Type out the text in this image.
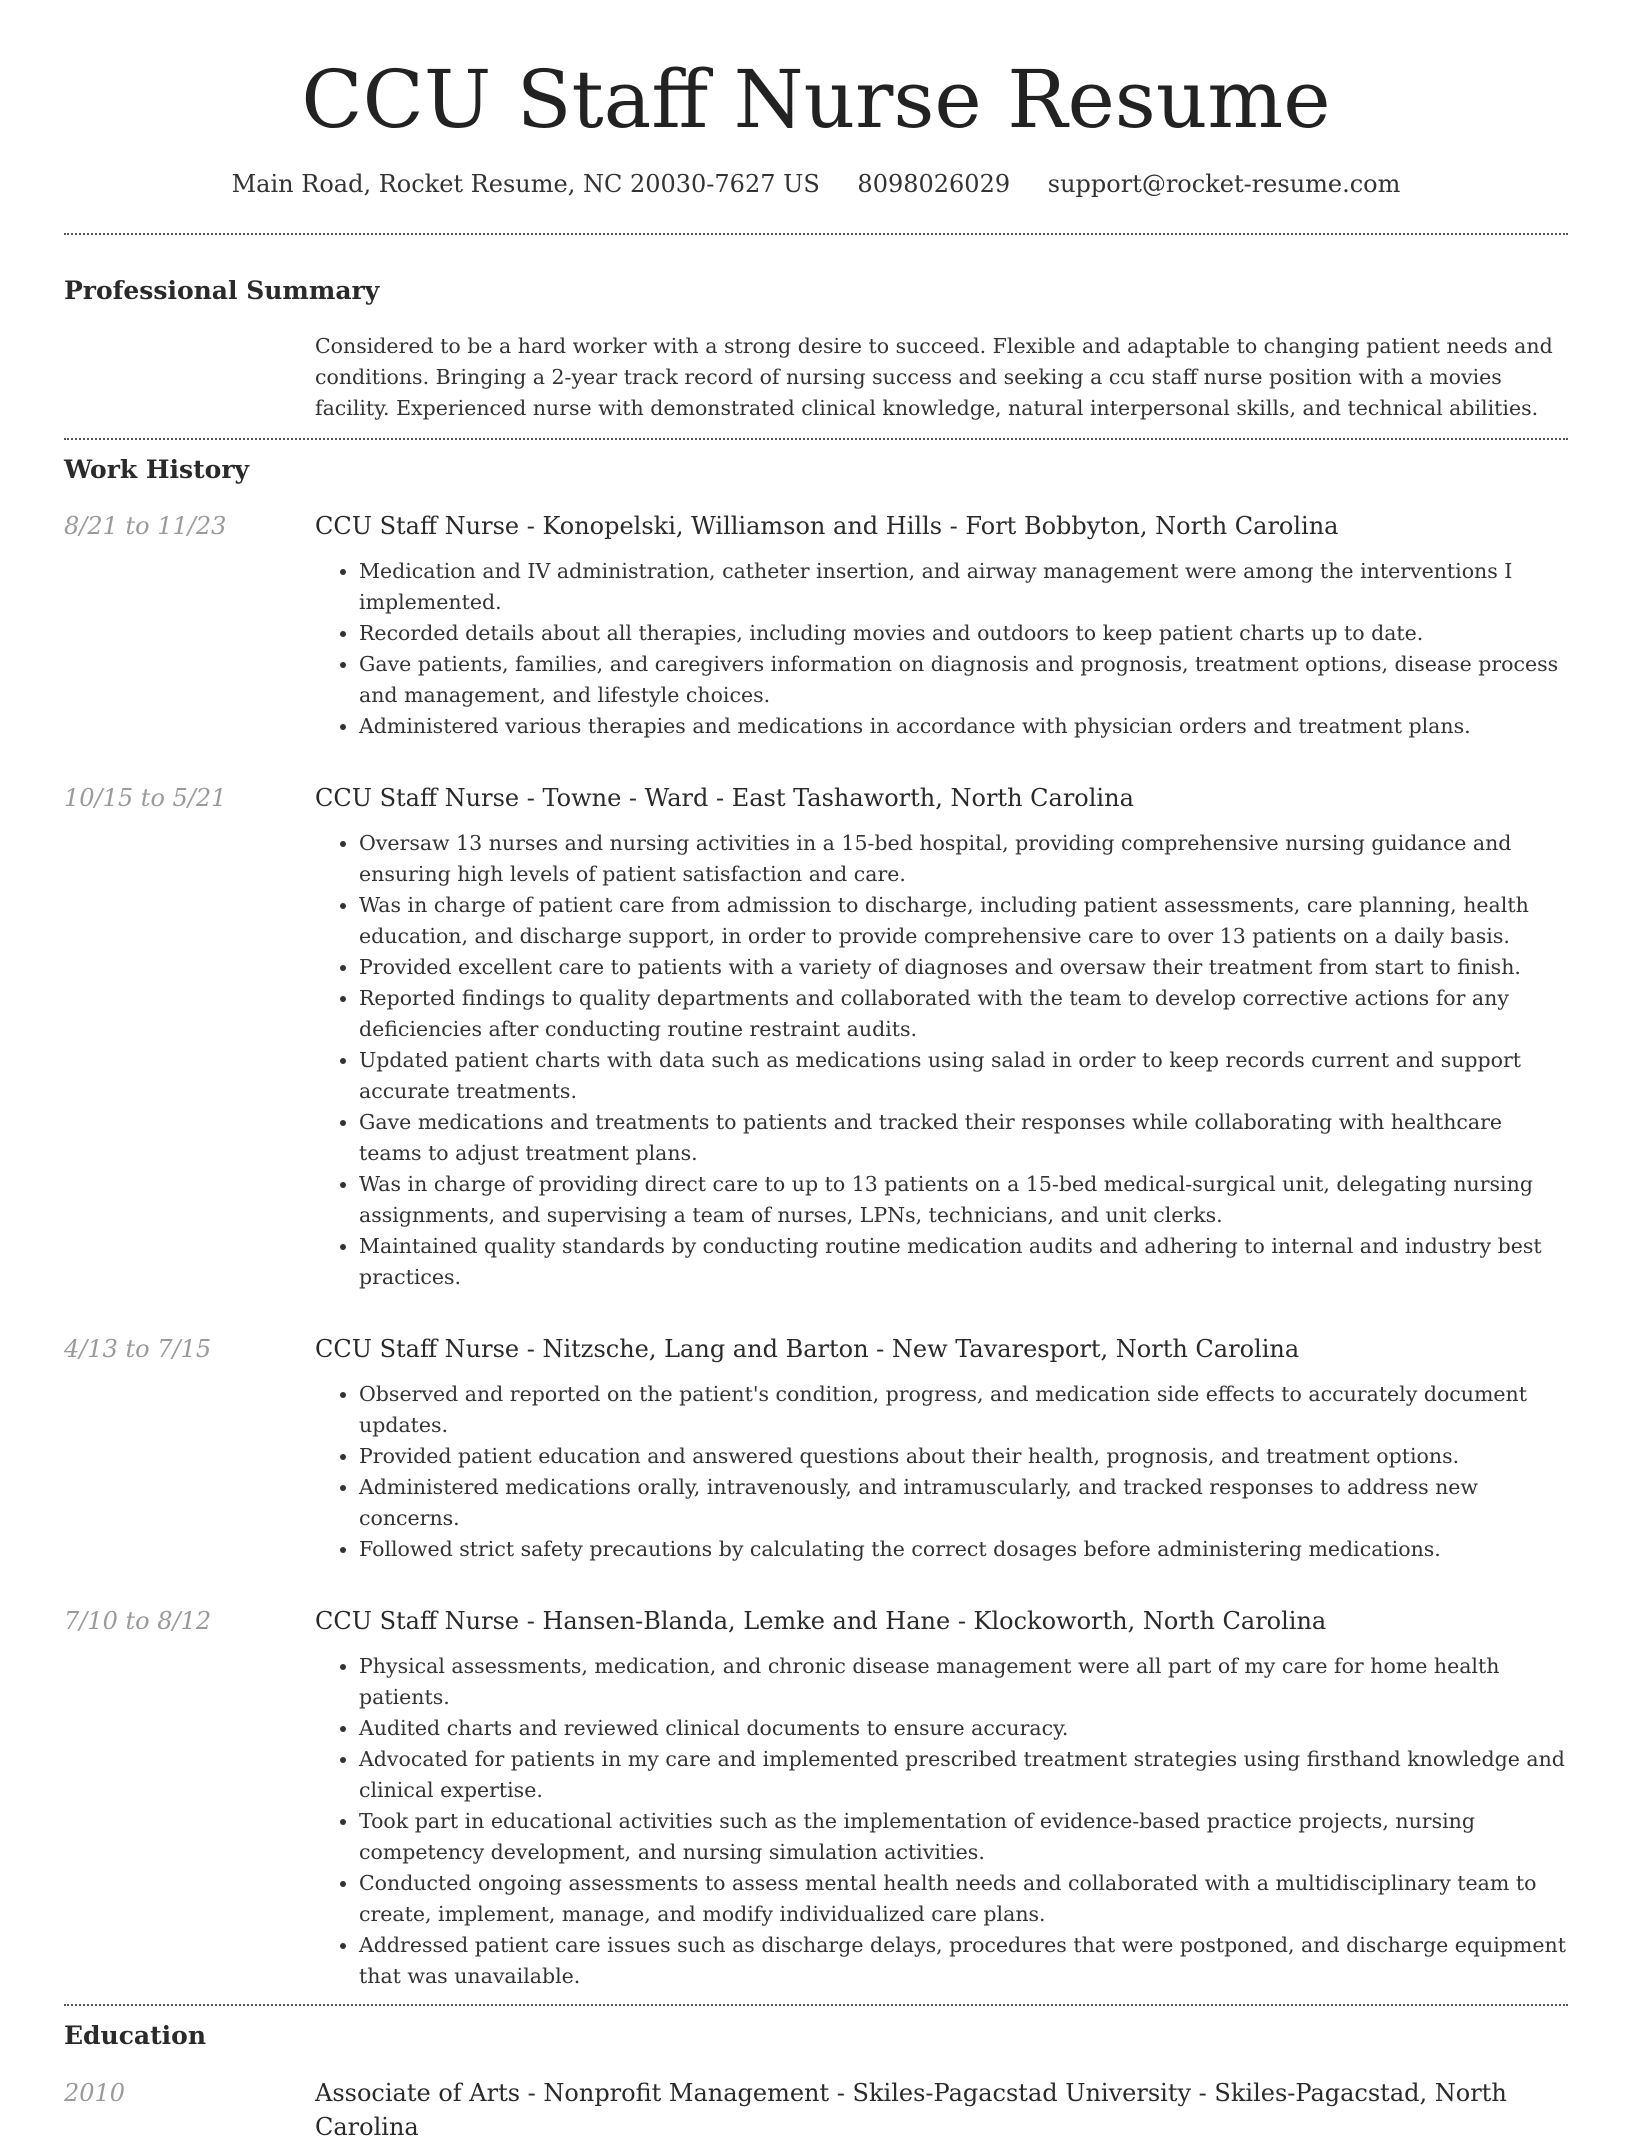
CCU Staff Nurse Resume
Main Road, Rocket Resume, NC 20030-7627 US 8098026029 support@rocket-resume.com
Professional Summary

Considered to be a hard worker with a strong desire to succeed. Flexible and adaptable to changing patient needs and conditions. Bringing a 2-year track record of nursing success and seeking a ccu staff nurse position with a movies facility. Experienced nurse with demonstrated clinical knowledge, natural interpersonal skills, and technical abilities.

Work History
8/21 to 11/23	CCU Staff Nurse - Konopelski, Williamson and Hills - Fort Bobbyton, North Carolina
• Medication and IV administration, catheter insertion, and airway management were among the interventions I implemented.
• Recorded details about all therapies, including movies and outdoors to keep patient charts up to date.
• Gave patients, families, and caregivers information on diagnosis and prognosis, treatment options, disease process and management, and lifestyle choices.
• Administered various therapies and medications in accordance with physician orders and treatment plans.
10/15 to 5/21	CCU Staff Nurse - Towne - Ward - East Tashaworth, North Carolina
• Oversaw 13 nurses and nursing activities in a 15-bed hospital, providing comprehensive nursing guidance and ensuring high levels of patient satisfaction and care.
• Was in charge of patient care from admission to discharge, including patient assessments, care planning, health education, and discharge support, in order to provide comprehensive care to over 13 patients on a daily basis.
• Provided excellent care to patients with a variety of diagnoses and oversaw their treatment from start to finish.
• Reported findings to quality departments and collaborated with the team to develop corrective actions for any deficiencies after conducting routine restraint audits.
• Updated patient charts with data such as medications using salad in order to keep records current and support accurate treatments.
• Gave medications and treatments to patients and tracked their responses while collaborating with healthcare teams to adjust treatment plans.
• Was in charge of providing direct care to up to 13 patients on a 15-bed medical-surgical unit, delegating nursing assignments, and supervising a team of nurses, LPNs, technicians, and unit clerks.
• Maintained quality standards by conducting routine medication audits and adhering to internal and industry best practices.
4/13 to 7/15	CCU Staff Nurse - Nitzsche, Lang and Barton - New Tavaresport, North Carolina
• Observed and reported on the patient's condition, progress, and medication side effects to accurately document updates.
• Provided patient education and answered questions about their health, prognosis, and treatment options.
• Administered medications orally, intravenously, and intramuscularly, and tracked responses to address new concerns.
• Followed strict safety precautions by calculating the correct dosages before administering medications.
7/10 to 8/12	CCU Staff Nurse - Hansen-Blanda, Lemke and Hane - Klockoworth, North Carolina
• Physical assessments, medication, and chronic disease management were all part of my care for home health patients.
• Audited charts and reviewed clinical documents to ensure accuracy.
• Advocated for patients in my care and implemented prescribed treatment strategies using firsthand knowledge and clinical expertise.
• Took part in educational activities such as the implementation of evidence-based practice projects, nursing competency development, and nursing simulation activities.
• Conducted ongoing assessments to assess mental health needs and collaborated with a multidisciplinary team to create, implement, manage, and modify individualized care plans.
• Addressed patient care issues such as discharge delays, procedures that were postponed, and discharge equipment that was unavailable.
Education
2010	Associate of Arts - Nonprofit Management - Skiles-Pagacstad University - Skiles-Pagacstad, North Carolina
